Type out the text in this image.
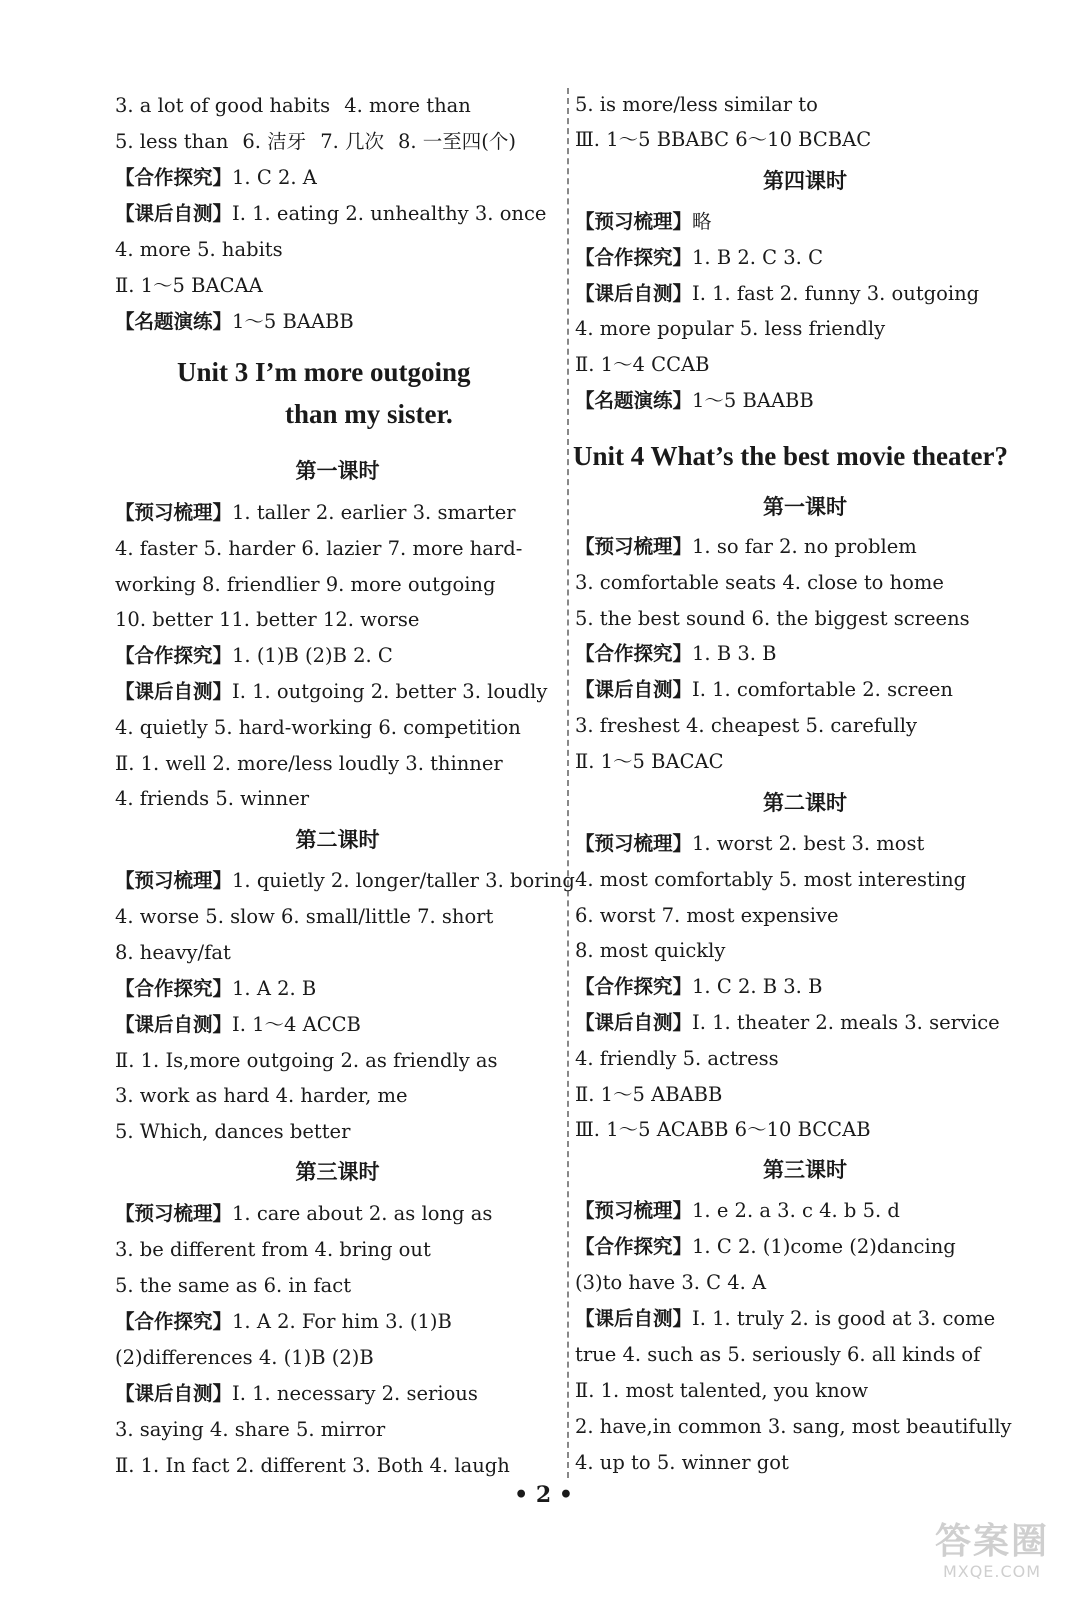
3. a lot of good habits 4. more than
5. less than 6. 洁牙 7. 几次 8. 一至四(个)
【合作探究】1. C 2. A
【课后自测】Ⅰ. 1. eating 2. unhealthy 3. once
4. more 5. habits
Ⅱ. 1～5 BACAA
【名题演练】1～5 BAABB
Unit 3 I’m more outgoing
than my sister.
第一课时
【预习梳理】1. taller 2. earlier 3. smarter
4. faster 5. harder 6. lazier 7. more hard-
working 8. friendlier 9. more outgoing
10. better 11. better 12. worse
【合作探究】1. (1)B (2)B 2. C
【课后自测】Ⅰ. 1. outgoing 2. better 3. loudly
4. quietly 5. hard-working 6. competition
Ⅱ. 1. well 2. more/less loudly 3. thinner
4. friends 5. winner
第二课时
【预习梳理】1. quietly 2. longer/taller 3. boring
4. worse 5. slow 6. small/little 7. short
8. heavy/fat
【合作探究】1. A 2. B
【课后自测】Ⅰ. 1～4 ACCB
Ⅱ. 1. Is,more outgoing 2. as friendly as
3. work as hard 4. harder, me
5. Which, dances better
第三课时
【预习梳理】1. care about 2. as long as
3. be different from 4. bring out
5. the same as 6. in fact
【合作探究】1. A 2. For him 3. (1)B
(2)differences 4. (1)B (2)B
【课后自测】Ⅰ. 1. necessary 2. serious
3. saying 4. share 5. mirror
Ⅱ. 1. In fact 2. different 3. Both 4. laugh
5. is more/less similar to
Ⅲ. 1～5 BBABC 6～10 BCBAC
第四课时
【预习梳理】略
【合作探究】1. B 2. C 3. C
【课后自测】Ⅰ. 1. fast 2. funny 3. outgoing
4. more popular 5. less friendly
Ⅱ. 1～4 CCAB
【名题演练】1～5 BAABB
Unit 4 What’s the best movie theater?
第一课时
【预习梳理】1. so far 2. no problem
3. comfortable seats 4. close to home
5. the best sound 6. the biggest screens
【合作探究】1. B 3. B
【课后自测】Ⅰ. 1. comfortable 2. screen
3. freshest 4. cheapest 5. carefully
Ⅱ. 1～5 BACAC
第二课时
【预习梳理】1. worst 2. best 3. most
4. most comfortably 5. most interesting
6. worst 7. most expensive
8. most quickly
【合作探究】1. C 2. B 3. B
【课后自测】Ⅰ. 1. theater 2. meals 3. service
4. friendly 5. actress
Ⅱ. 1～5 ABABB
Ⅲ. 1～5 ACABB 6～10 BCCAB
第三课时
【预习梳理】1. e 2. a 3. c 4. b 5. d
【合作探究】1. C 2. (1)come (2)dancing
(3)to have 3. C 4. A
【课后自测】Ⅰ. 1. truly 2. is good at 3. come
true 4. such as 5. seriously 6. all kinds of
Ⅱ. 1. most talented, you know
2. have,in common 3. sang, most beautifully
4. up to 5. winner got
• 2 •
答案圈
MXQE.COM
